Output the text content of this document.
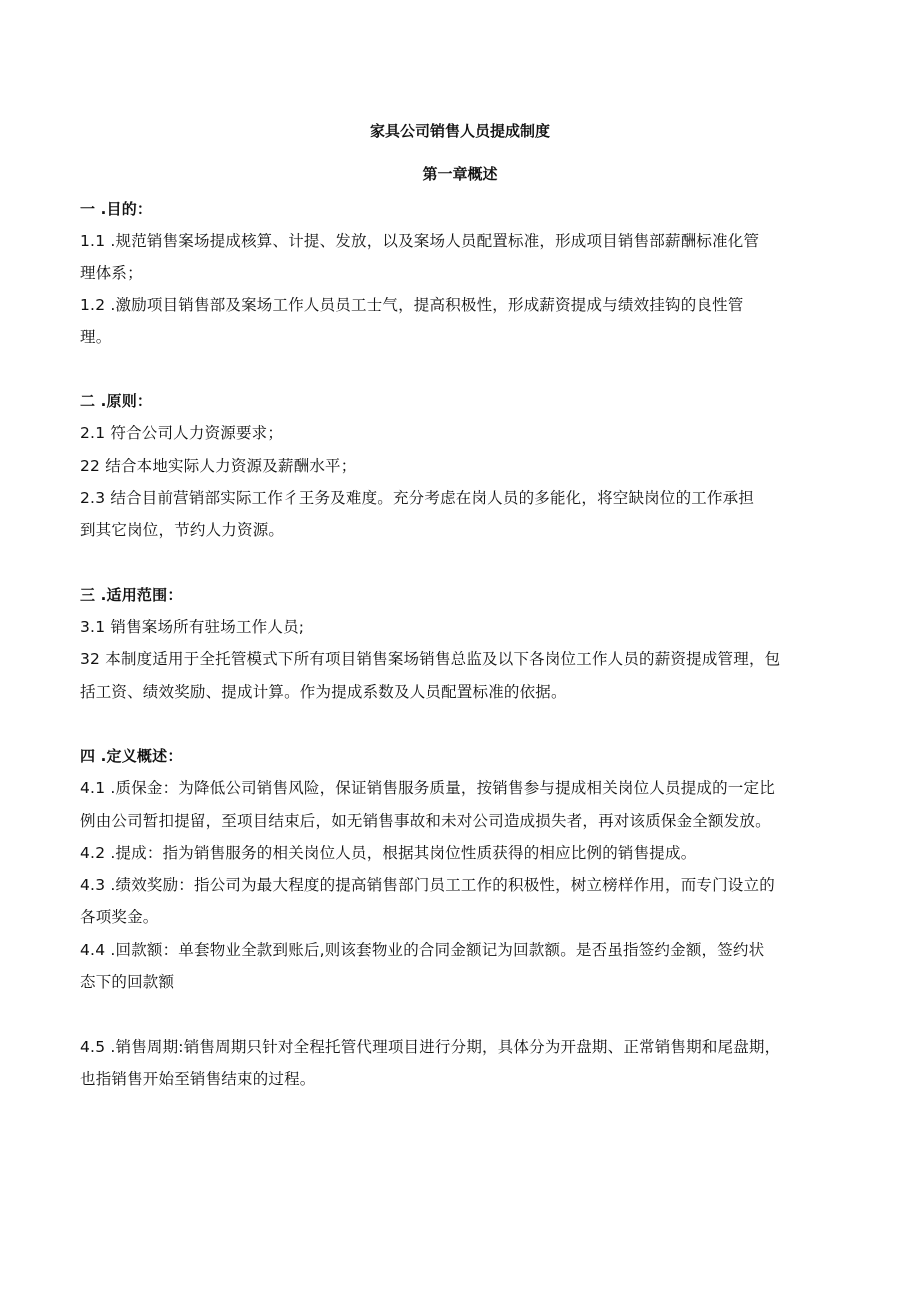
家具公司销售人员提成制度
第一章概述
一 .目的：
1.1 .规范销售案场提成核算、计提、发放，以及案场人员配置标准，形成项目销售部薪酬标准化管
理体系；
1.2 .激励项目销售部及案场工作人员员工士气，提高积极性，形成薪资提成与绩效挂钩的良性管
理。
二 .原则：
2.1 符合公司人力资源要求；
22 结合本地实际人力资源及薪酬水平；
2.3 结合目前营销部实际工作彳王务及难度。充分考虑在岗人员的多能化，将空缺岗位的工作承担
到其它岗位，节约人力资源。
三 .适用范围：
3.1 销售案场所有驻场工作人员;
32 本制度适用于全托管模式下所有项目销售案场销售总监及以下各岗位工作人员的薪资提成管理，包
括工资、绩效奖励、提成计算。作为提成系数及人员配置标准的依据。
四 .定义概述：
4.1 .质保金：为降低公司销售风险，保证销售服务质量，按销售参与提成相关岗位人员提成的一定比
例由公司暂扣提留，至项目结束后，如无销售事故和未对公司造成损失者，再对该质保金全额发放。
4.2 .提成：指为销售服务的相关岗位人员，根据其岗位性质获得的相应比例的销售提成。
4.3 .绩效奖励：指公司为最大程度的提高销售部门员工工作的积极性，树立榜样作用，而专门设立的
各项奖金。
4.4 .回款额：单套物业全款到账后,则该套物业的合同金额记为回款额。是否虽指签约金额，签约状
态下的回款额
4.5 .销售周期:销售周期只针对全程托管代理项目进行分期，具体分为开盘期、正常销售期和尾盘期，
也指销售开始至销售结束的过程。
